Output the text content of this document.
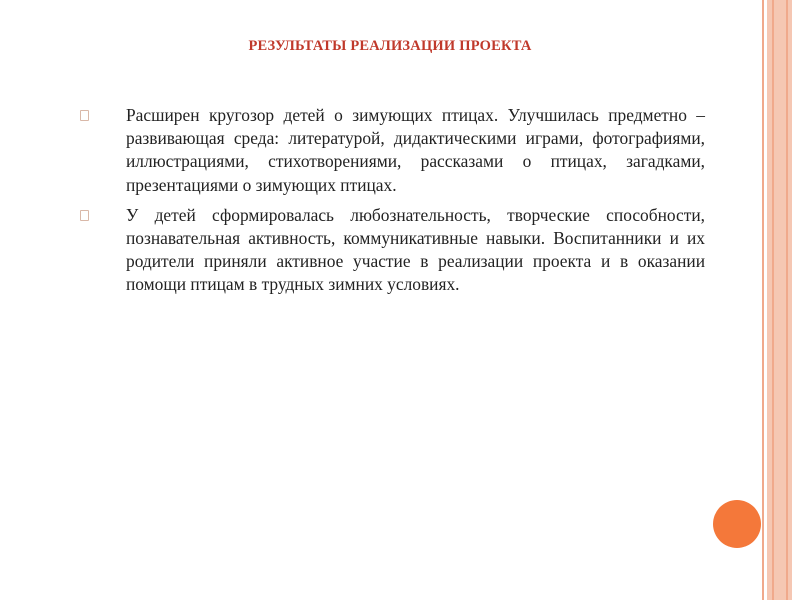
РЕЗУЛЬТАТЫ РЕАЛИЗАЦИИ ПРОЕКТА
Расширен кругозор детей о зимующих птицах. Улучшилась предметно – развивающая среда: литературой, дидактическими играми, фотографиями, иллюстрациями, стихотворениями, рассказами о птицах, загадками, презентациями о зимующих птицах.
У детей сформировалась любознательность, творческие способности, познавательная активность, коммуникативные навыки. Воспитанники и их родители приняли активное участие в реализации проекта и в оказании помощи птицам в трудных зимних условиях.
